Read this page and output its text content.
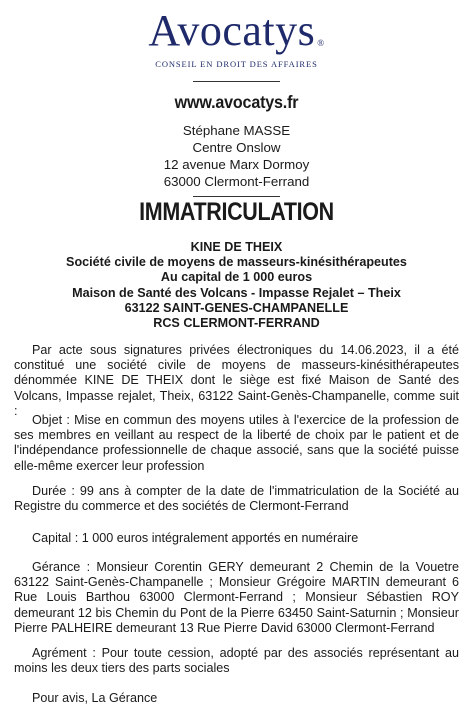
Avocatys ®
CONSEIL EN DROIT DES AFFAIRES
www.avocatys.fr
Stéphane MASSE
Centre Onslow
12 avenue Marx Dormoy
63000 Clermont-Ferrand
IMMATRICULATION
KINE DE THEIX
Société civile de moyens de masseurs-kinésithérapeutes
Au capital de 1 000 euros
Maison de Santé des Volcans - Impasse Rejalet – Theix
63122 SAINT-GENES-CHAMPANELLE
RCS CLERMONT-FERRAND

Par acte sous signatures privées électroniques du 14.06.2023, il a été constitué une société civile de moyens de masseurs-kinésithérapeutes dénommée KINE DE THEIX dont le siège est fixé Maison de Santé des Volcans, Impasse rejalet, Theix, 63122 Saint-Genès-Champanelle, comme suit :

Objet : Mise en commun des moyens utiles à l'exercice de la profession de ses membres en veillant au respect de la liberté de choix par le patient et de l'indépendance professionnelle de chaque associé, sans que la société puisse elle-même exercer leur profession

Durée : 99 ans à compter de la date de l'immatriculation de la Société au Registre du commerce et des sociétés de Clermont-Ferrand

Capital : 1 000 euros intégralement apportés en numéraire

Gérance : Monsieur Corentin GERY demeurant 2 Chemin de la Vouetre 63122 Saint-Genès-Champanelle ; Monsieur Grégoire MARTIN demeurant 6 Rue Louis Barthou 63000 Clermont-Ferrand ; Monsieur Sébastien ROY demeurant 12 bis Chemin du Pont de la Pierre 63450 Saint-Saturnin ; Monsieur Pierre PALHEIRE demeurant 13 Rue Pierre David 63000 Clermont-Ferrand

Agrément : Pour toute cession, adopté par des associés représentant au moins les deux tiers des parts sociales

Pour avis, La Gérance
